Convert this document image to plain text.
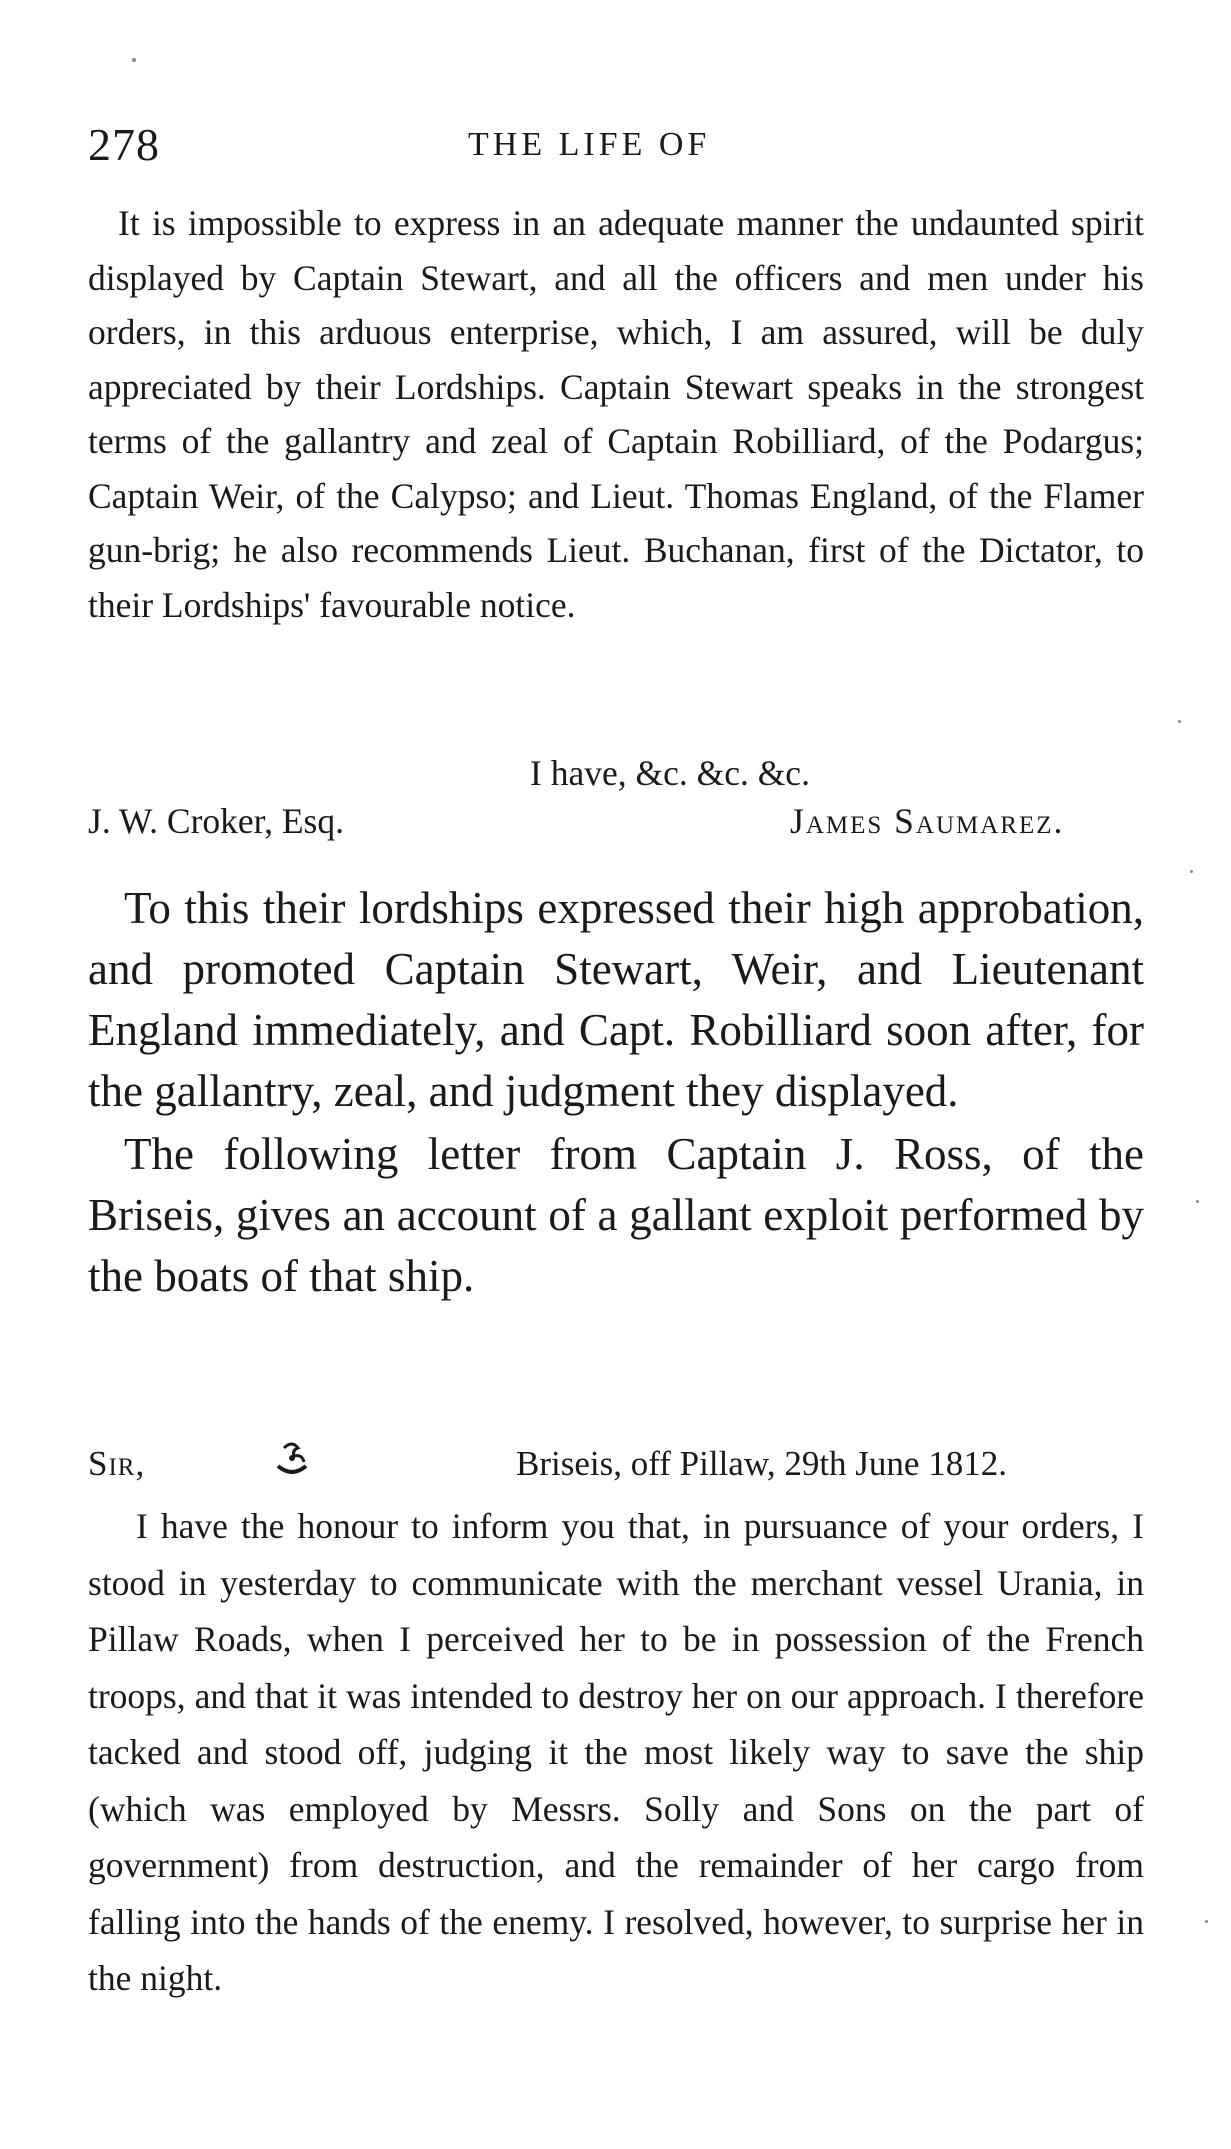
278	THE LIFE OF
It is impossible to express in an adequate manner the undaunted spirit displayed by Captain Stewart, and all the officers and men under his orders, in this arduous enterprise, which, I am assured, will be duly appreciated by their Lordships. Captain Stewart speaks in the strongest terms of the gallantry and zeal of Captain Robilliard, of the Podargus; Captain Weir, of the Calypso; and Lieut. Thomas England, of the Flamer gun-brig; he also recommends Lieut. Buchanan, first of the Dictator, to their Lordships' favourable notice.
I have, &c. &c. &c.
J. W. Croker, Esq.	James Saumarez.

To this their lordships expressed their high approbation, and promoted Captain Stewart, Weir, and Lieutenant England immediately, and Capt. Robilliard soon after, for the gallantry, zeal, and judgment they displayed.

The following letter from Captain J. Ross, of the Briseis, gives an account of a gallant exploit performed by the boats of that ship.

Sir,	Briseis, off Pillaw, 29th June 1812.
I have the honour to inform you that, in pursuance of your orders, I stood in yesterday to communicate with the merchant vessel Urania, in Pillaw Roads, when I perceived her to be in possession of the French troops, and that it was intended to destroy her on our approach. I therefore tacked and stood off, judging it the most likely way to save the ship (which was employed by Messrs. Solly and Sons on the part of government) from destruction, and the remainder of her cargo from falling into the hands of the enemy. I resolved, however, to surprise her in the night.
